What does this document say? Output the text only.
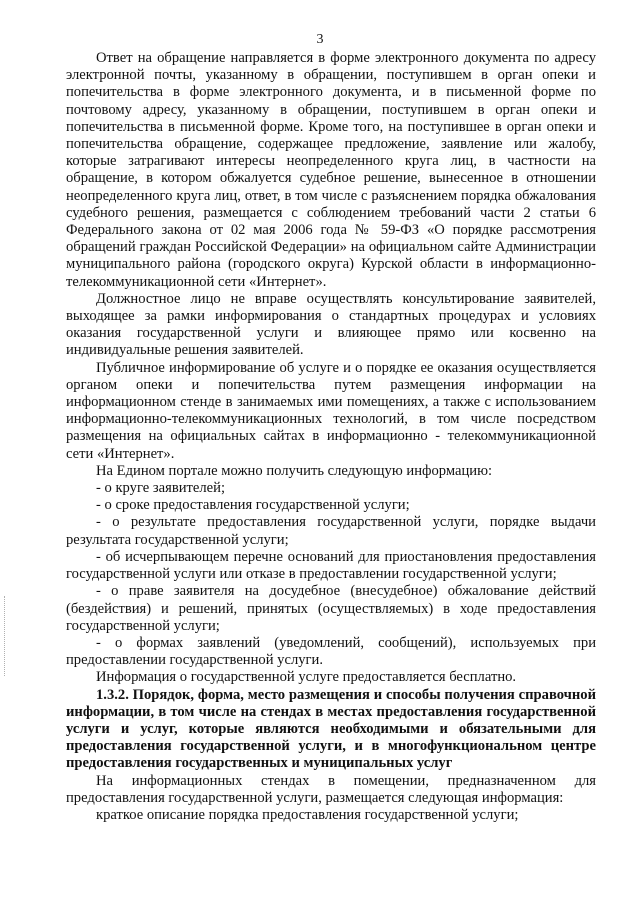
3

Ответ на обращение направляется в форме электронного документа по адресу электронной почты, указанному в обращении, поступившем в орган опеки и попечительства в форме электронного документа, и в письменной форме по почтовому адресу, указанному в обращении, поступившем в орган опеки и попечительства в письменной форме. Кроме того, на поступившее в орган опеки и попечительства обращение, содержащее предложение, заявление или жалобу, которые затрагивают интересы неопределенного круга лиц, в частности на обращение, в котором обжалуется судебное решение, вынесенное в отношении неопределенного круга лиц, ответ, в том числе с разъяснением порядка обжалования судебного решения, размещается с соблюдением требований части 2 статьи 6 Федерального закона от 02 мая 2006 года № 59-ФЗ «О порядке рассмотрения обращений граждан Российской Федерации» на официальном сайте Администрации муниципального района (городского округа) Курской области в информационно-телекоммуникационной сети «Интернет».

Должностное лицо не вправе осуществлять консультирование заявителей, выходящее за рамки информирования о стандартных процедурах и условиях оказания государственной услуги и влияющее прямо или косвенно на индивидуальные решения заявителей.

Публичное информирование об услуге и о порядке ее оказания осуществляется органом опеки и попечительства путем размещения информации на информационном стенде в занимаемых ими помещениях, а также с использованием информационно-телекоммуникационных технологий, в том числе посредством размещения на официальных сайтах в информационно - телекоммуникационной сети «Интернет».

На Едином портале можно получить следующую информацию:

- о круге заявителей;

- о сроке предоставления государственной услуги;

- о результате предоставления государственной услуги, порядке выдачи результата государственной услуги;

- об исчерпывающем перечне оснований для приостановления предоставления государственной услуги или отказе в предоставлении государственной услуги;

- о праве заявителя на досудебное (внесудебное) обжалование действий (бездействия) и решений, принятых (осуществляемых) в ходе предоставления государственной услуги;

- о формах заявлений (уведомлений, сообщений), используемых при предоставлении государственной услуги.

Информация о государственной услуге предоставляется бесплатно.

1.3.2. Порядок, форма, место размещения и способы получения справочной информации, в том числе на стендах в местах предоставления государственной услуги и услуг, которые являются необходимыми и обязательными для предоставления государственной услуги, и в многофункциональном центре предоставления государственных и муниципальных услуг

На информационных стендах в помещении, предназначенном для предоставления государственной услуги, размещается следующая информация:

краткое описание порядка предоставления государственной услуги;
